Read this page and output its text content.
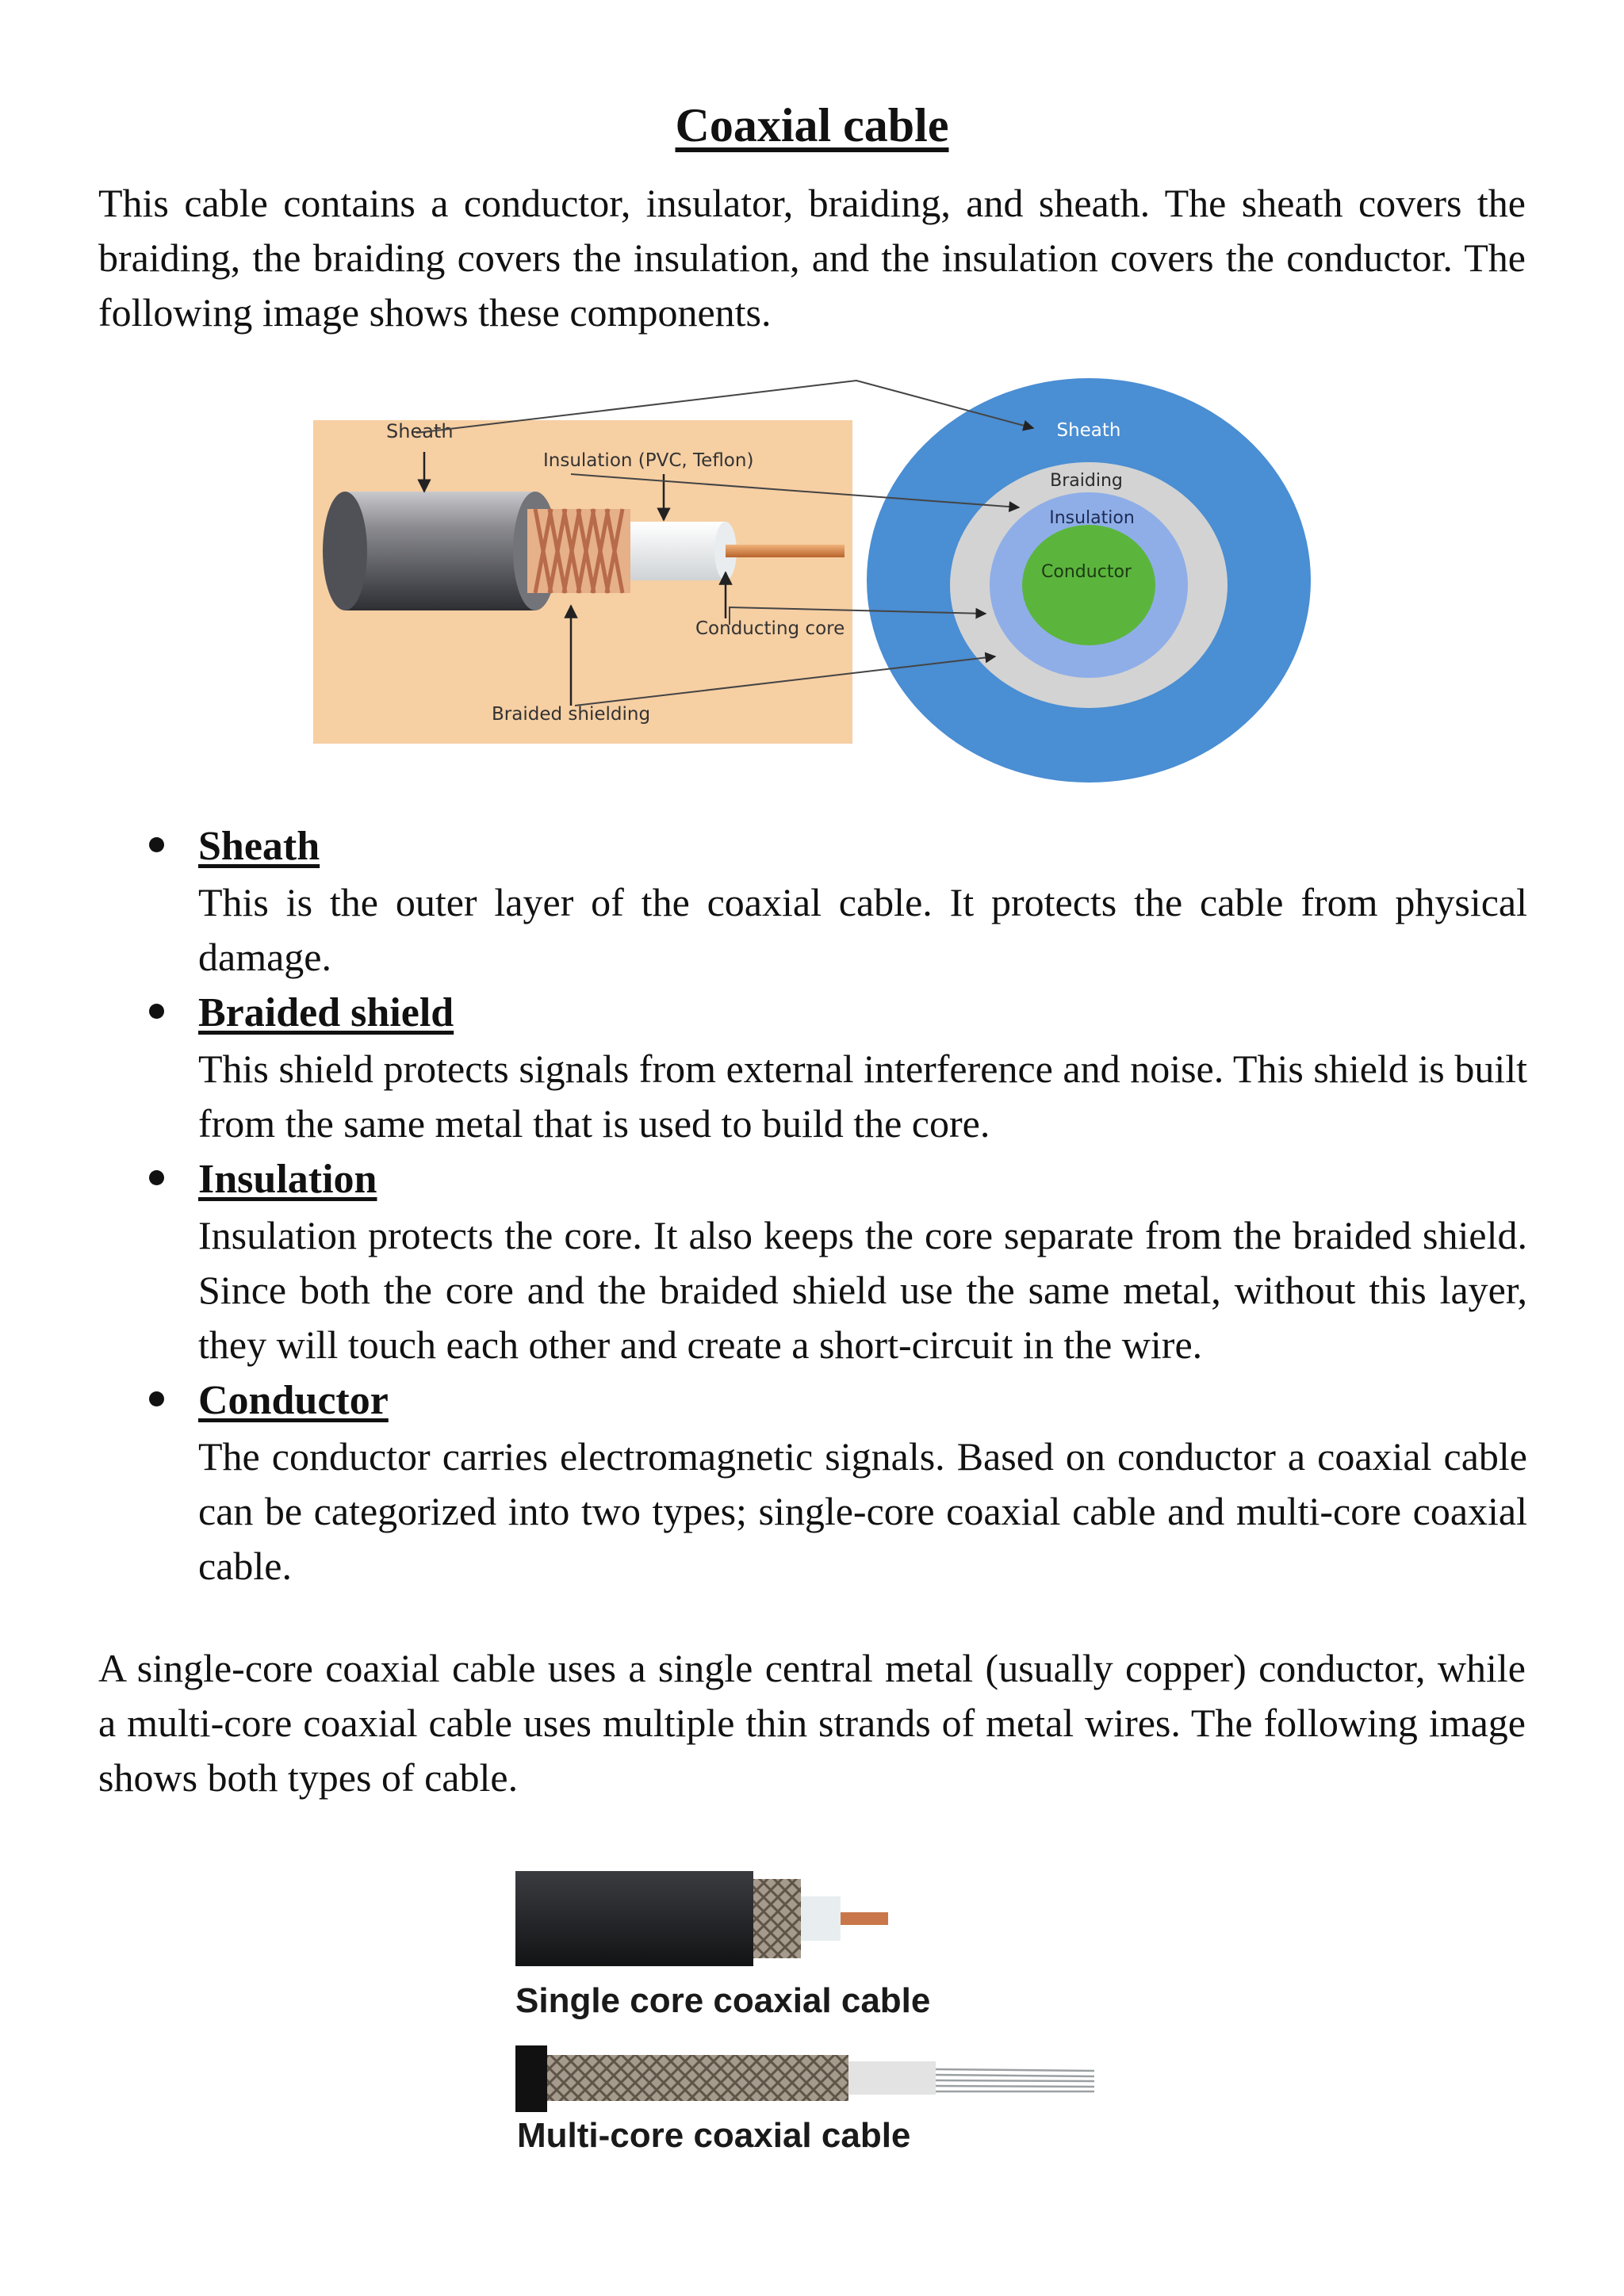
Coaxial cable

This cable contains a conductor, insulator, braiding, and sheath. The sheath covers the braiding, the braiding covers the insulation, and the insulation covers the conductor. The following image shows these components.

Sheath
Insulation (PVC, Teflon)
Conducting core
Braided shielding
Sheath
Braiding
Insulation
Conductor
Sheath
This is the outer layer of the coaxial cable. It protects the cable from physical damage.
Braided shield
This shield protects signals from external interference and noise. This shield is built from the same metal that is used to build the core.
Insulation
Insulation protects the core. It also keeps the core separate from the braided shield. Since both the core and the braided shield use the same metal, without this layer, they will touch each other and create a short-circuit in the wire.
Conductor
The conductor carries electromagnetic signals. Based on conductor a coaxial cable can be categorized into two types; single-core coaxial cable and multi-core coaxial cable.

A single-core coaxial cable uses a single central metal (usually copper) conductor, while a multi-core coaxial cable uses multiple thin strands of metal wires. The following image shows both types of cable.

Single core coaxial cable
Multi-core coaxial cable
